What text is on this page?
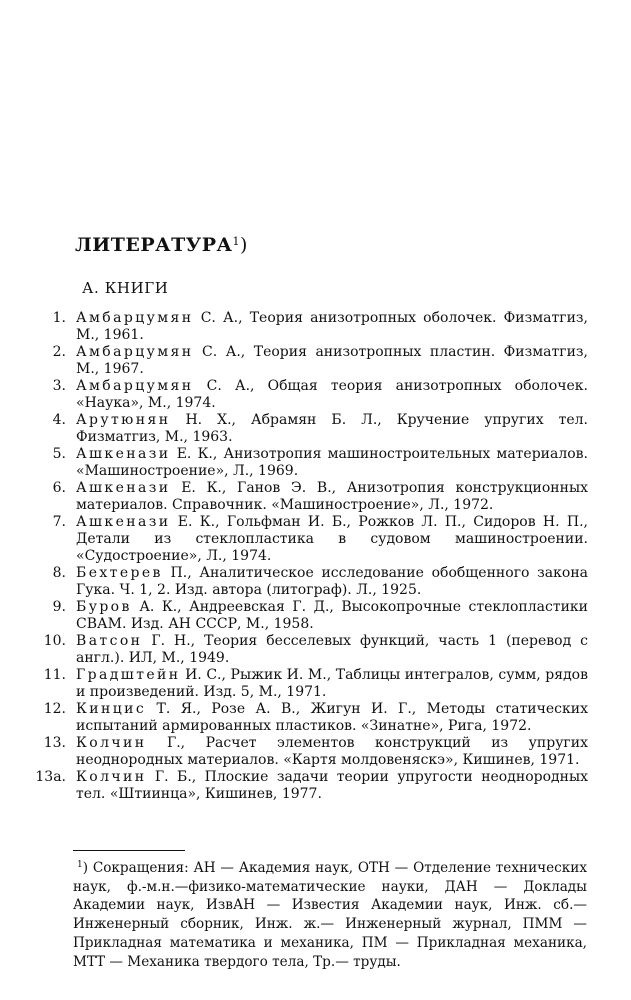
ЛИТЕРАТУРА$^1$)
А. КНИГИ
1. Амбарцумян С. А., Теория анизотропных оболочек. Физматгиз, М., 1961.
2. Амбарцумян С. А., Теория анизотропных пластин. Физматгиз, М., 1967.
3. Амбарцумян С. А., Общая теория анизотропных оболочек. «Наука», М., 1974.
4. Арутюнян Н. Х., Абрамян Б. Л., Кручение упругих тел. Физматгиз, М., 1963.
5. Ашкенази Е. К., Анизотропия машиностроительных материалов. «Машиностроение», Л., 1969.
6. Ашкенази Е. К., Ганов Э. В., Анизотропия конструкционных материалов. Справочник. «Машиностроение», Л., 1972.
7. Ашкенази Е. К., Гольфман И. Б., Рожков Л. П., Сидоров Н. П., Детали из стеклопластика в судовом машиностроении. «Судостроение», Л., 1974.
8. Бехтерев П., Аналитическое исследование обобщенного закона Гука. Ч. 1, 2. Изд. автора (литограф). Л., 1925.
9. Буров А. К., Андреевская Г. Д., Высокопрочные стеклопластики СВАМ. Изд. АН СССР, М., 1958.
10. Ватсон Г. Н., Теория бесселевых функций, часть 1 (перевод с англ.). ИЛ, М., 1949.
11. Градштейн И. С., Рыжик И. М., Таблицы интегралов, сумм, рядов и произведений. Изд. 5, М., 1971.
12. Кинцис Т. Я., Розе А. В., Жигун И. Г., Методы статических испытаний армированных пластиков. «Зинатне», Рига, 1972.
13. Колчин Г., Расчет элементов конструкций из упругих неоднородных материалов. «Картя молдовеняскэ», Кишинев, 1971.
13а. Колчин Г. Б., Плоские задачи теории упругости неоднородных тел. «Штиинца», Кишинев, 1977.
$^1$) Сокращения: АН — Академия наук, ОТН — Отделение технических наук, ф.-м.н.—физико-математические науки, ДАН — Доклады Академии наук, ИзвАН — Известия Академии наук, Инж. сб.—Инженерный сборник, Инж. ж.— Инженерный журнал, ПММ — Прикладная математика и механика, ПМ — Прикладная механика, МТТ — Механика твердого тела, Тр.— труды.
